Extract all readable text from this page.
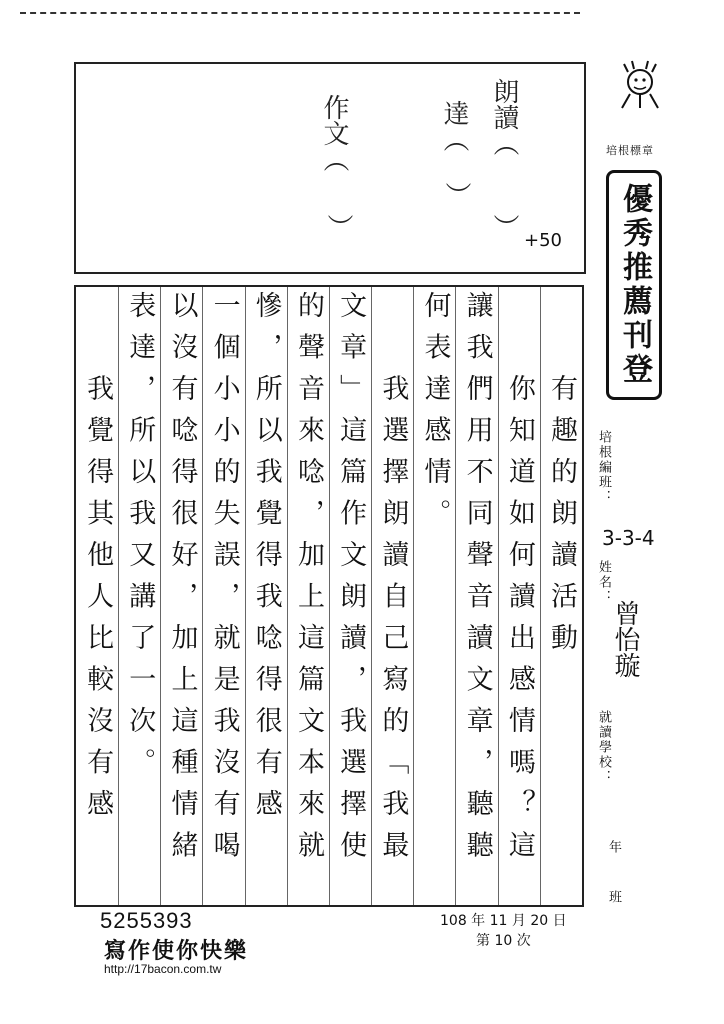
朗讀（
）
達（
）
作文（
）
+50
培根標章
優秀推薦刊登
培根編班：
3-3-4
姓名：
曾怡璇
就讀學校：
年
班
　　有趣的朗讀活動
　　你知道如何讀出感情嗎？這
讓我們用不同聲音讀文章，聽聽
何表達感情。
　　我選擇朗讀自己寫的「我最
文章」這篇作文朗讀，我選擇使
的聲音來唸，加上這篇文本來就
慘，所以我覺得我唸得很有感
一個小小的失誤，就是我沒有喝
以沒有唸得很好，加上這種情緒
表達，所以我又講了一次。
　　我覺得其他人比較沒有感
5255393
寫作使你快樂
http://17bacon.com.tw
108 年 11 月 20 日
第 10 次
